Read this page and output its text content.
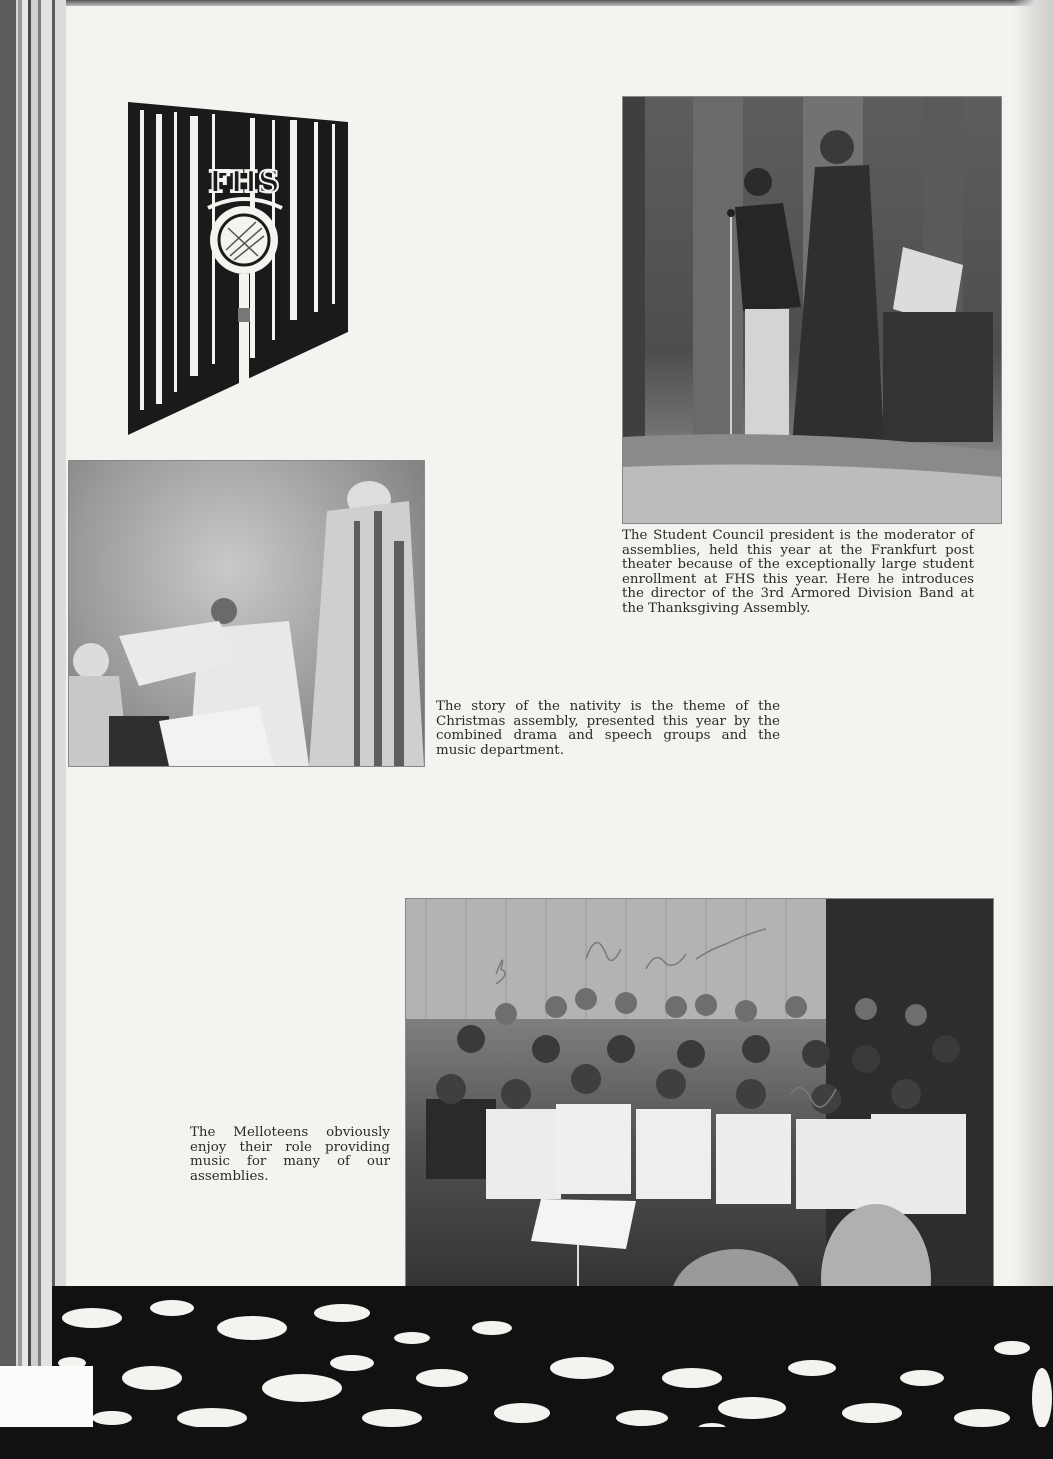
FHS

The Student Council president is the moderator of assemblies, held this year at the Frankfurt post theater because of the exceptionally large student enrollment at FHS this year. Here he introduces the director of the 3rd Armored Division Band at the Thanksgiving Assembly.

The story of the nativity is the theme of the Christmas assembly, presented this year by the combined drama and speech groups and the music department.

The Melloteens obviously enjoy their role providing music for many of our assemblies.
